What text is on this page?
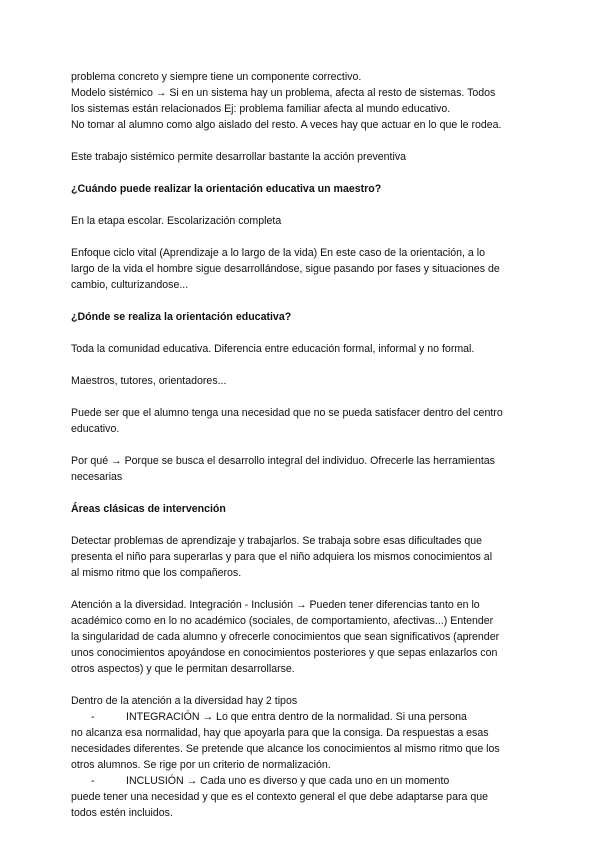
problema concreto y siempre tiene un componente correctivo.
Modelo sistémico → Si en un sistema hay un problema, afecta al resto de sistemas. Todos
los sistemas están relacionados Ej: problema familiar afecta al mundo educativo.
No tomar al alumno como algo aislado del resto. A veces hay que actuar en lo que le rodea.
Este trabajo sistémico permite desarrollar bastante la acción preventiva
¿Cuándo puede realizar la orientación educativa un maestro?
En la etapa escolar. Escolarización completa
Enfoque ciclo vital (Aprendizaje a lo largo de la vida) En este caso de la orientación, a lo
largo de la vida el hombre sigue desarrollándose, sigue pasando por fases y situaciones de
cambio, culturizandose...
¿Dónde se realiza la orientación educativa?
Toda la comunidad educativa. Diferencia entre educación formal, informal y no formal.
Maestros, tutores, orientadores...
Puede ser que el alumno tenga una necesidad que no se pueda satisfacer dentro del centro
educativo.
Por qué → Porque se busca el desarrollo integral del individuo. Ofrecerle las herramientas
necesarias
Áreas clásicas de intervención
Detectar problemas de aprendizaje y trabajarlos. Se trabaja sobre esas dificultades que
presenta el niño para superarlas y para que el niño adquiera los mismos conocimientos al
al mismo ritmo que los compañeros.
Atención a la diversidad. Integración - Inclusión → Pueden tener diferencias tanto en lo
académico como en lo no académico (sociales, de comportamiento, afectivas...) Entender
la singularidad de cada alumno y ofrecerle conocimientos que sean significativos (aprender
unos conocimientos apoyándose en conocimientos posteriores y que sepas enlazarlos con
otros aspectos) y que le permitan desarrollarse.
Dentro de la atención a la diversidad hay 2 tipos
-	INTEGRACIÓN → Lo que entra dentro de la normalidad. Si una persona
no alcanza esa normalidad, hay que apoyarla para que la consiga. Da respuestas a esas
necesidades diferentes. Se pretende que alcance los conocimientos al mismo ritmo que los
otros alumnos. Se rige por un criterio de normalización.
-	INCLUSIÓN → Cada uno es diverso y que cada uno en un momento
puede tener una necesidad y que es el contexto general el que debe adaptarse para que
todos estén incluidos.
